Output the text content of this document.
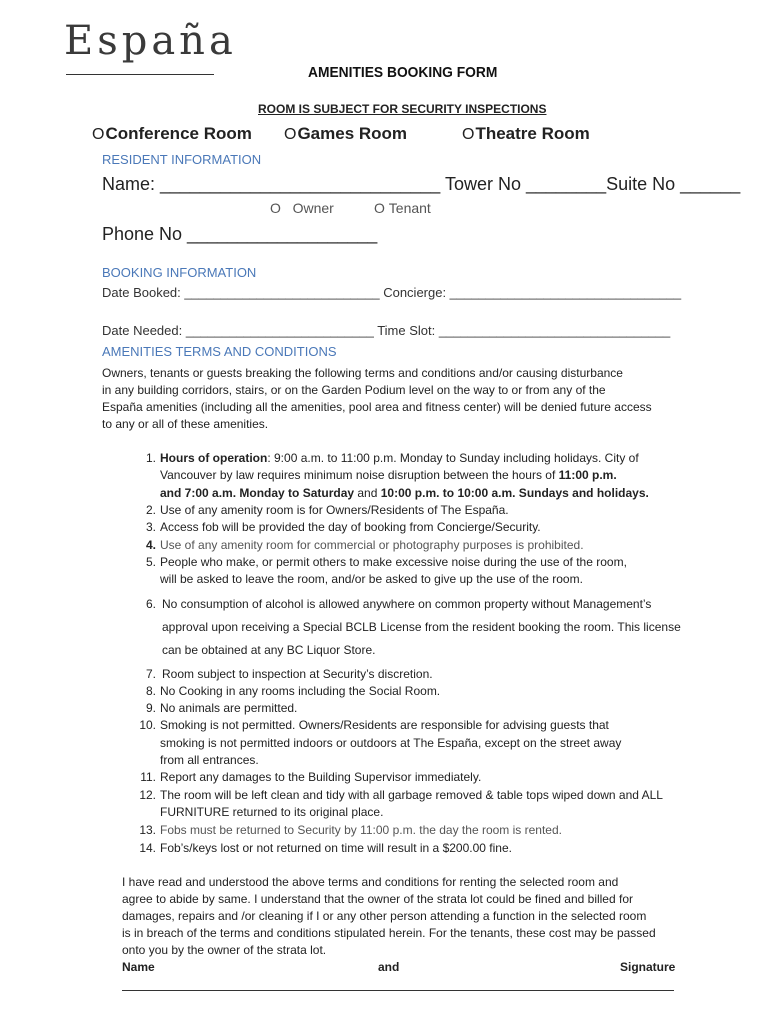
España
AMENITIES BOOKING FORM
ROOM IS SUBJECT FOR SECURITY INSPECTIONS
OConference Room OGames Room	OTheatre Room
RESIDENT INFORMATION
Name: ____________________________ Tower No ________Suite No ______
O Owner	O Tenant
Phone No ___________________
BOOKING INFORMATION
Date Booked: ___________________________ Concierge: ________________________________
Date Needed: __________________________ Time Slot: ________________________________
AMENITIES TERMS AND CONDITIONS
Owners, tenants or guests breaking the following terms and conditions and/or causing disturbance
in any building corridors, stairs, or on the Garden Podium level on the way to or from any of the
España amenities (including all the amenities, pool area and fitness center) will be denied future access
to any or all of these amenities.
1. Hours of operation: 9:00 a.m. to 11:00 p.m. Monday to Sunday including holidays. City of
Vancouver by law requires minimum noise disruption between the hours of 11:00 p.m.
and 7:00 a.m. Monday to Saturday and 10:00 p.m. to 10:00 a.m. Sundays and holidays.
2. Use of any amenity room is for Owners/Residents of The España.
3. Access fob will be provided the day of booking from Concierge/Security.
4. Use of any amenity room for commercial or photography purposes is prohibited.
5. People who make, or permit others to make excessive noise during the use of the room,
will be asked to leave the room, and/or be asked to give up the use of the room.
6. No consumption of alcohol is allowed anywhere on common property without Management’s
approval upon receiving a Special BCLB License from the resident booking the room. This license
can be obtained at any BC Liquor Store.
7. Room subject to inspection at Security’s discretion.
8. No Cooking in any rooms including the Social Room.
9. No animals are permitted.
10. Smoking is not permitted. Owners/Residents are responsible for advising guests that
smoking is not permitted indoors or outdoors at The España, except on the street away
from all entrances.
11. Report any damages to the Building Supervisor immediately.
12. The room will be left clean and tidy with all garbage removed & table tops wiped down and ALL
FURNITURE returned to its original place.
13. Fobs must be returned to Security by 11:00 p.m. the day the room is rented.
14. Fob’s/keys lost or not returned on time will result in a $200.00 fine.
I have read and understood the above terms and conditions for renting the selected room and
agree to abide by same. I understand that the owner of the strata lot could be fined and billed for
damages, repairs and /or cleaning if I or any other person attending a function in the selected room
is in breach of the terms and conditions stipulated herein. For the tenants, these cost may be passed
onto you by the owner of the strata lot.
Name	and	Signature
